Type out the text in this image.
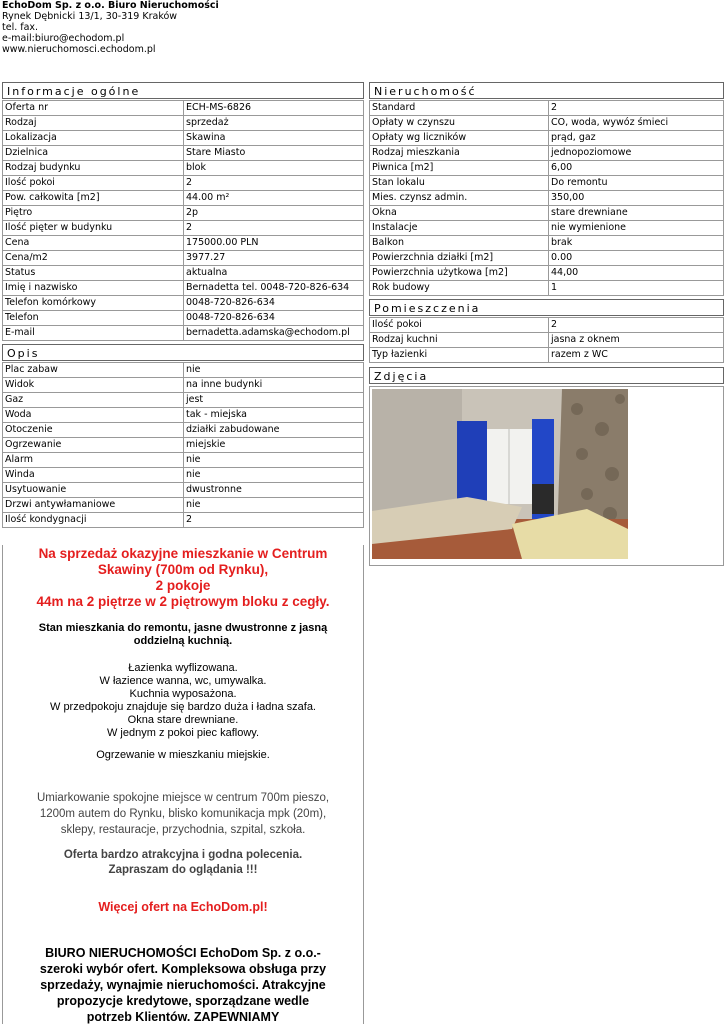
EchoDom Sp. z o.o. Biuro Nieruchomości
Rynek Dębnicki 13/1, 30-319 Kraków
tel. fax.
e-mail:biuro@echodom.pl
www.nieruchomosci.echodom.pl
Informacje ogólne
Oferta nr	ECH-MS-6826
Rodzaj	sprzedaż
Lokalizacja	Skawina
Dzielnica	Stare Miasto
Rodzaj budynku	blok
Ilość pokoi	2
Pow. całkowita [m2]	44.00 m²
Piętro	2p
Ilość pięter w budynku	2
Cena	175000.00 PLN
Cena/m2	3977.27
Status	aktualna
Imię i nazwisko	Bernadetta tel. 0048-720-826-634
Telefon komórkowy	0048-720-826-634
Telefon	0048-720-826-634
E-mail	bernadetta.adamska@echodom.pl
Opis
Plac zabaw	nie
Widok	na inne budynki
Gaz	jest
Woda	tak - miejska
Otoczenie	działki zabudowane
Ogrzewanie	miejskie
Alarm	nie
Winda	nie
Usytuowanie	dwustronne
Drzwi antywłamaniowe	nie
Ilość kondygnacji	2
Nieruchomość
Standard	2
Opłaty w czynszu	CO, woda, wywóz śmieci
Opłaty wg liczników	prąd, gaz
Rodzaj mieszkania	jednopoziomowe
Piwnica [m2]	6,00
Stan lokalu	Do remontu
Mies. czynsz admin.	350,00
Okna	stare drewniane
Instalacje	nie wymienione
Balkon	brak
Powierzchnia działki [m2]	0.00
Powierzchnia użytkowa [m2]	44,00
Rok budowy	1
Pomieszczenia
Ilość pokoi	2
Rodzaj kuchni	jasna z oknem
Typ łazienki	razem z WC
Zdjęcia
Na sprzedaż okazyjne mieszkanie w Centrum
Skawiny (700m od Rynku),
2 pokoje
44m na 2 piętrze w 2 piętrowym bloku z cegły.
Stan mieszkania do remontu, jasne dwustronne z jasną
oddzielną kuchnią.
Łazienka wyflizowana.
W łazience wanna, wc, umywalka.
Kuchnia wyposażona.
W przedpokoju znajduje się bardzo duża i ładna szafa.
Okna stare drewniane.
W jednym z pokoi piec kaflowy.
Ogrzewanie w mieszkaniu miejskie.
Umiarkowanie spokojne miejsce w centrum 700m pieszo,
1200m autem do Rynku, blisko komunikacja mpk (20m),
sklepy, restauracje, przychodnia, szpital, szkoła.
Oferta bardzo atrakcyjna i godna polecenia.
Zapraszam do oglądania !!!
Więcej ofert na EchoDom.pl!
BIURO NIERUCHOMOŚCI EchoDom Sp. z o.o.-
szeroki wybór ofert. Kompleksowa obsługa przy
sprzedaży, wynajmie nieruchomości. Atrakcyjne
propozycje kredytowe, sporządzane wedle
potrzeb Klientów. ZAPEWNIAMY
